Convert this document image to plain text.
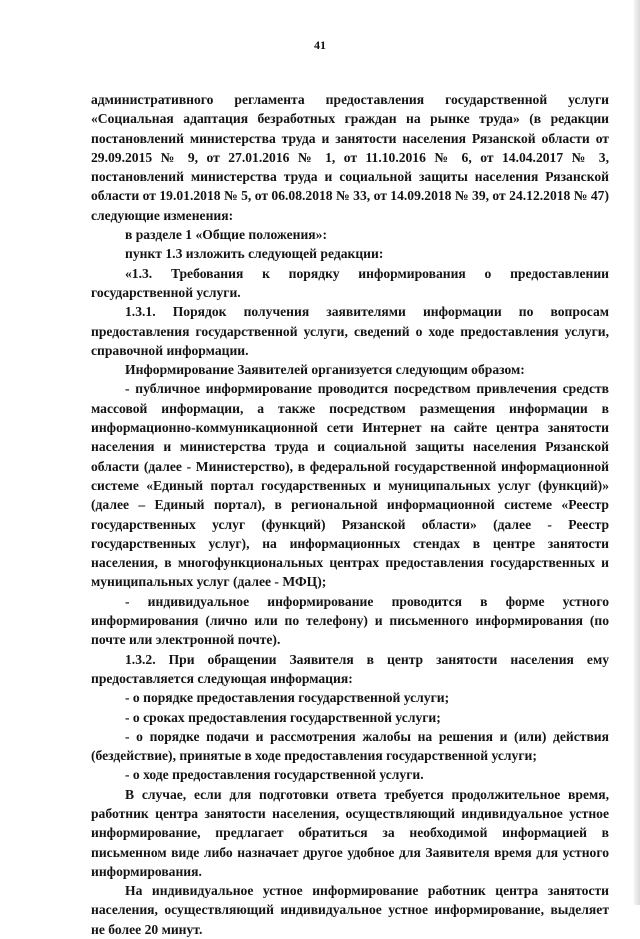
41

административного регламента предоставления государственной услуги «Социальная адаптация безработных граждан на рынке труда» (в редакции постановлений министерства труда и занятости населения Рязанской области от 29.09.2015 № 9, от 27.01.2016 № 1, от 11.10.2016 № 6, от 14.04.2017 № 3, постановлений министерства труда и социальной защиты населения Рязанской области от 19.01.2018 № 5, от 06.08.2018 № 33, от 14.09.2018 № 39, от 24.12.2018 № 47) следующие изменения:

в разделе 1 «Общие положения»:

пункт 1.3 изложить следующей редакции:

«1.3. Требования к порядку информирования о предоставлении государственной услуги.

1.3.1. Порядок получения заявителями информации по вопросам предоставления государственной услуги, сведений о ходе предоставления услуги, справочной информации.

Информирование Заявителей организуется следующим образом:

- публичное информирование проводится посредством привлечения средств массовой информации, а также посредством размещения информации в информационно-коммуникационной сети Интернет на сайте центра занятости населения и министерства труда и социальной защиты населения Рязанской области (далее - Министерство), в федеральной государственной информационной системе «Единый портал государственных и муниципальных услуг (функций)» (далее – Единый портал), в региональной информационной системе «Реестр государственных услуг (функций) Рязанской области» (далее - Реестр государственных услуг), на информационных стендах в центре занятости населения, в многофункциональных центрах предоставления государственных и муниципальных услуг (далее - МФЦ);

- индивидуальное информирование проводится в форме устного информирования (лично или по телефону) и письменного информирования (по почте или электронной почте).

1.3.2. При обращении Заявителя в центр занятости населения ему предоставляется следующая информация:

- о порядке предоставления государственной услуги;

- о сроках предоставления государственной услуги;

- о порядке подачи и рассмотрения жалобы на решения и (или) действия (бездействие), принятые в ходе предоставления государственной услуги;

- о ходе предоставления государственной услуги.

В случае, если для подготовки ответа требуется продолжительное время, работник центра занятости населения, осуществляющий индивидуальное устное информирование, предлагает обратиться за необходимой информацией в письменном виде либо назначает другое удобное для Заявителя время для устного информирования.

На индивидуальное устное информирование работник центра занятости населения, осуществляющий индивидуальное устное информирование, выделяет не более 20 минут.
